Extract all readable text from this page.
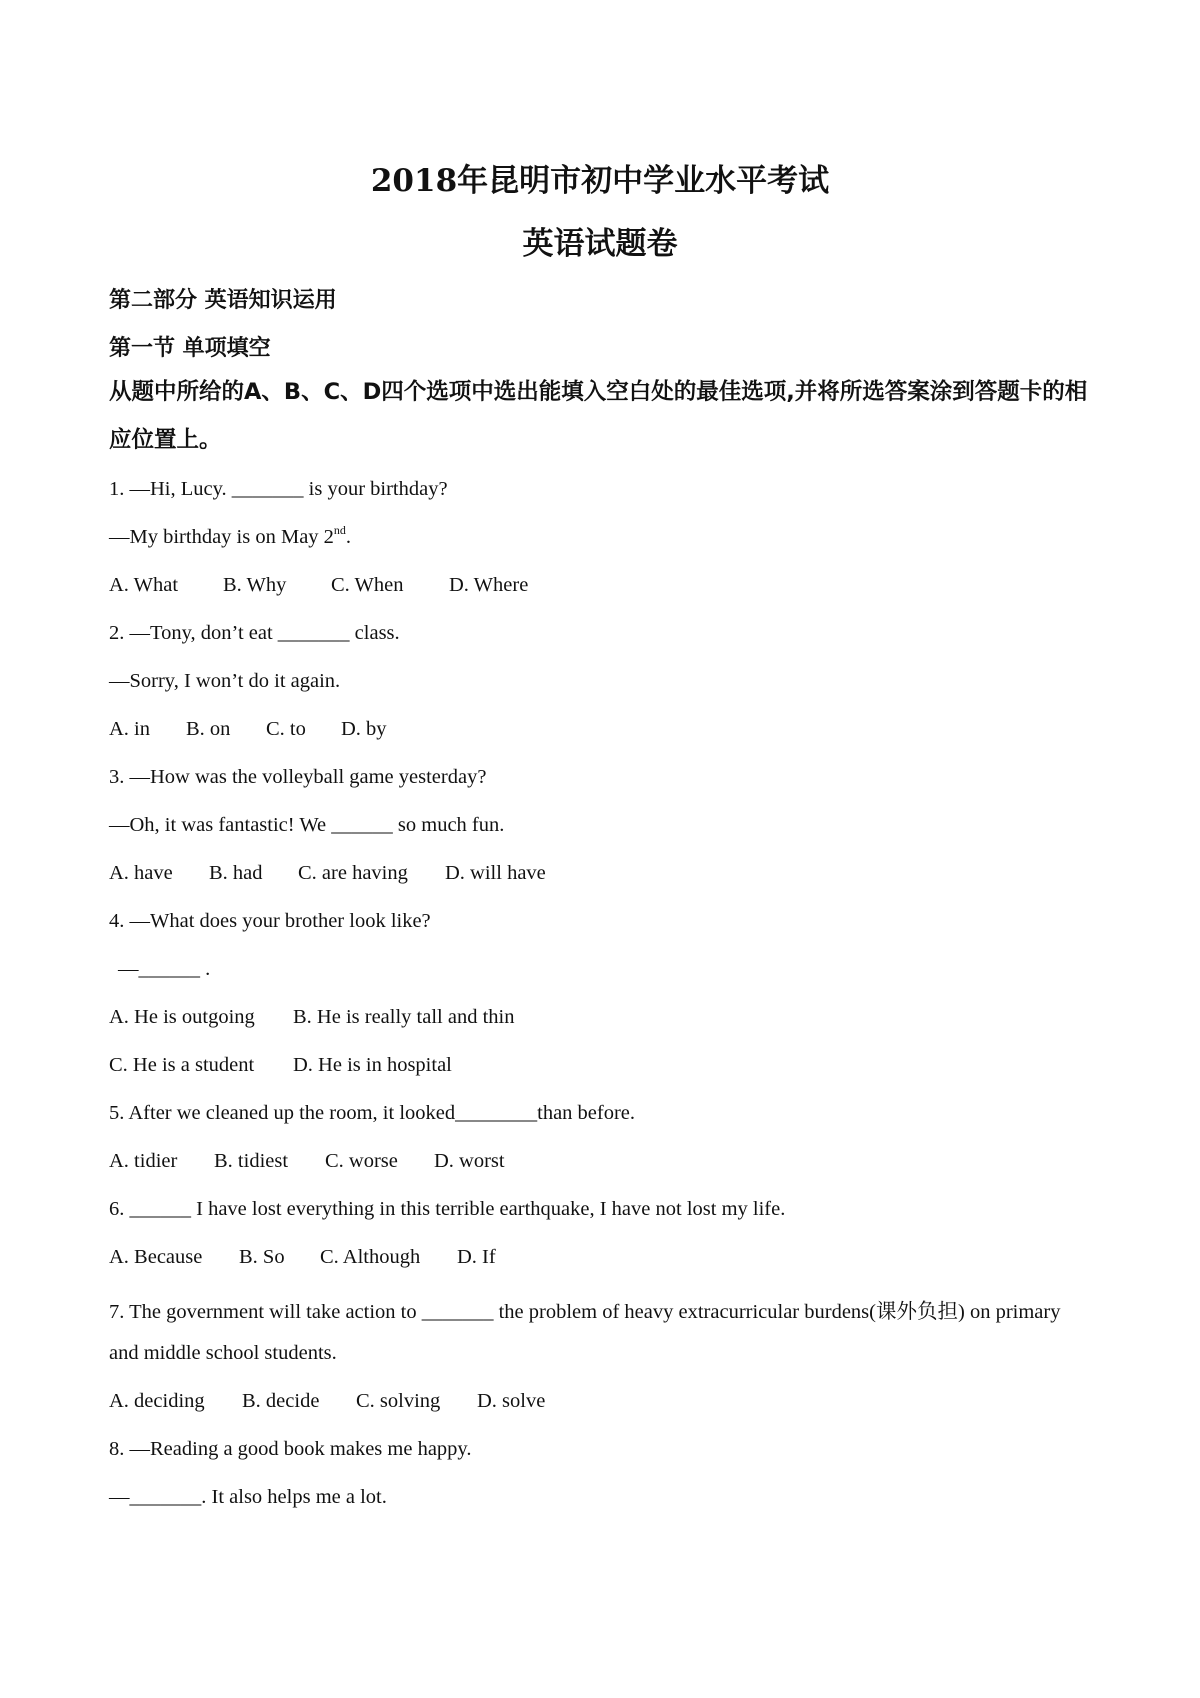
2018年昆明市初中学业水平考试
英语试题卷
第二部分 英语知识运用
第一节 单项填空
从题中所给的A、B、C、D四个选项中选出能填入空白处的最佳选项,并将所选答案涂到答题卡的相应位置上。
1. —Hi, Lucy. _______ is your birthday?
—My birthday is on May 2nd.
A. What B. Why C. When D. Where
2. —Tony, don’t eat _______ class.
—Sorry, I won’t do it again.
A. in B. on C. to D. by
3. —How was the volleyball game yesterday?
—Oh, it was fantastic! We ______ so much fun.
A. have B. had C. are having D. will have
4. —What does your brother look like?
—______ .
A. He is outgoing B. He is really tall and thin
C. He is a student D. He is in hospital
5. After we cleaned up the room, it looked________than before.
A. tidier B. tidiest C. worse D. worst
6. ______ I have lost everything in this terrible earthquake, I have not lost my life.
A. Because B. So C. Although D. If
7. The government will take action to _______ the problem of heavy extracurricular burdens(课外负担) on primary
and middle school students.
A. deciding B. decide C. solving D. solve
8. —Reading a good book makes me happy.
—_______. It also helps me a lot.
